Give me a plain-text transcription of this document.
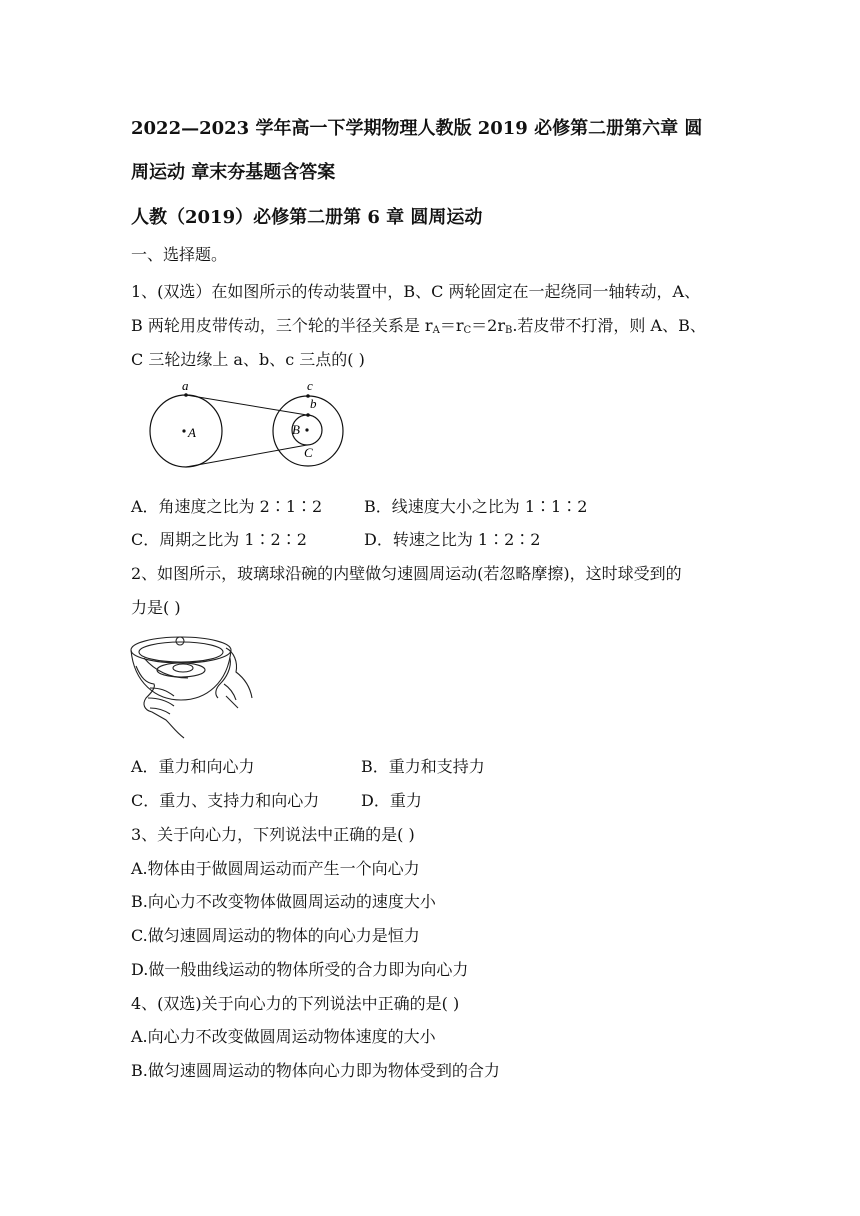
2022—2023 学年高一下学期物理人教版 2019 必修第二册第六章 圆
周运动 章末夯基题含答案
人教（2019）必修第二册第 6 章 圆周运动
一、选择题。
1、(双选）在如图所示的传动装置中，B、C 两轮固定在一起绕同一轴转动，A、
B 两轮用皮带传动，三个轮的半径关系是 $r_A=r_C=2r_B$.若皮带不打滑，则 A、B、
C 三轮边缘上 a、b、c 三点的( )
a
A
c
b
B
C
A．角速度之比为 2∶1∶2	B．线速度大小之比为 1∶1∶2
C．周期之比为 1∶2∶2	D．转速之比为 1∶2∶2
2、如图所示，玻璃球沿碗的内壁做匀速圆周运动(若忽略摩擦)，这时球受到的
力是( )
A．重力和向心力	B．重力和支持力
C．重力、支持力和向心力	D．重力
3、关于向心力，下列说法中正确的是( )
A.物体由于做圆周运动而产生一个向心力
B.向心力不改变物体做圆周运动的速度大小
C.做匀速圆周运动的物体的向心力是恒力
D.做一般曲线运动的物体所受的合力即为向心力
4、(双选)关于向心力的下列说法中正确的是( )
A.向心力不改变做圆周运动物体速度的大小
B.做匀速圆周运动的物体向心力即为物体受到的合力
